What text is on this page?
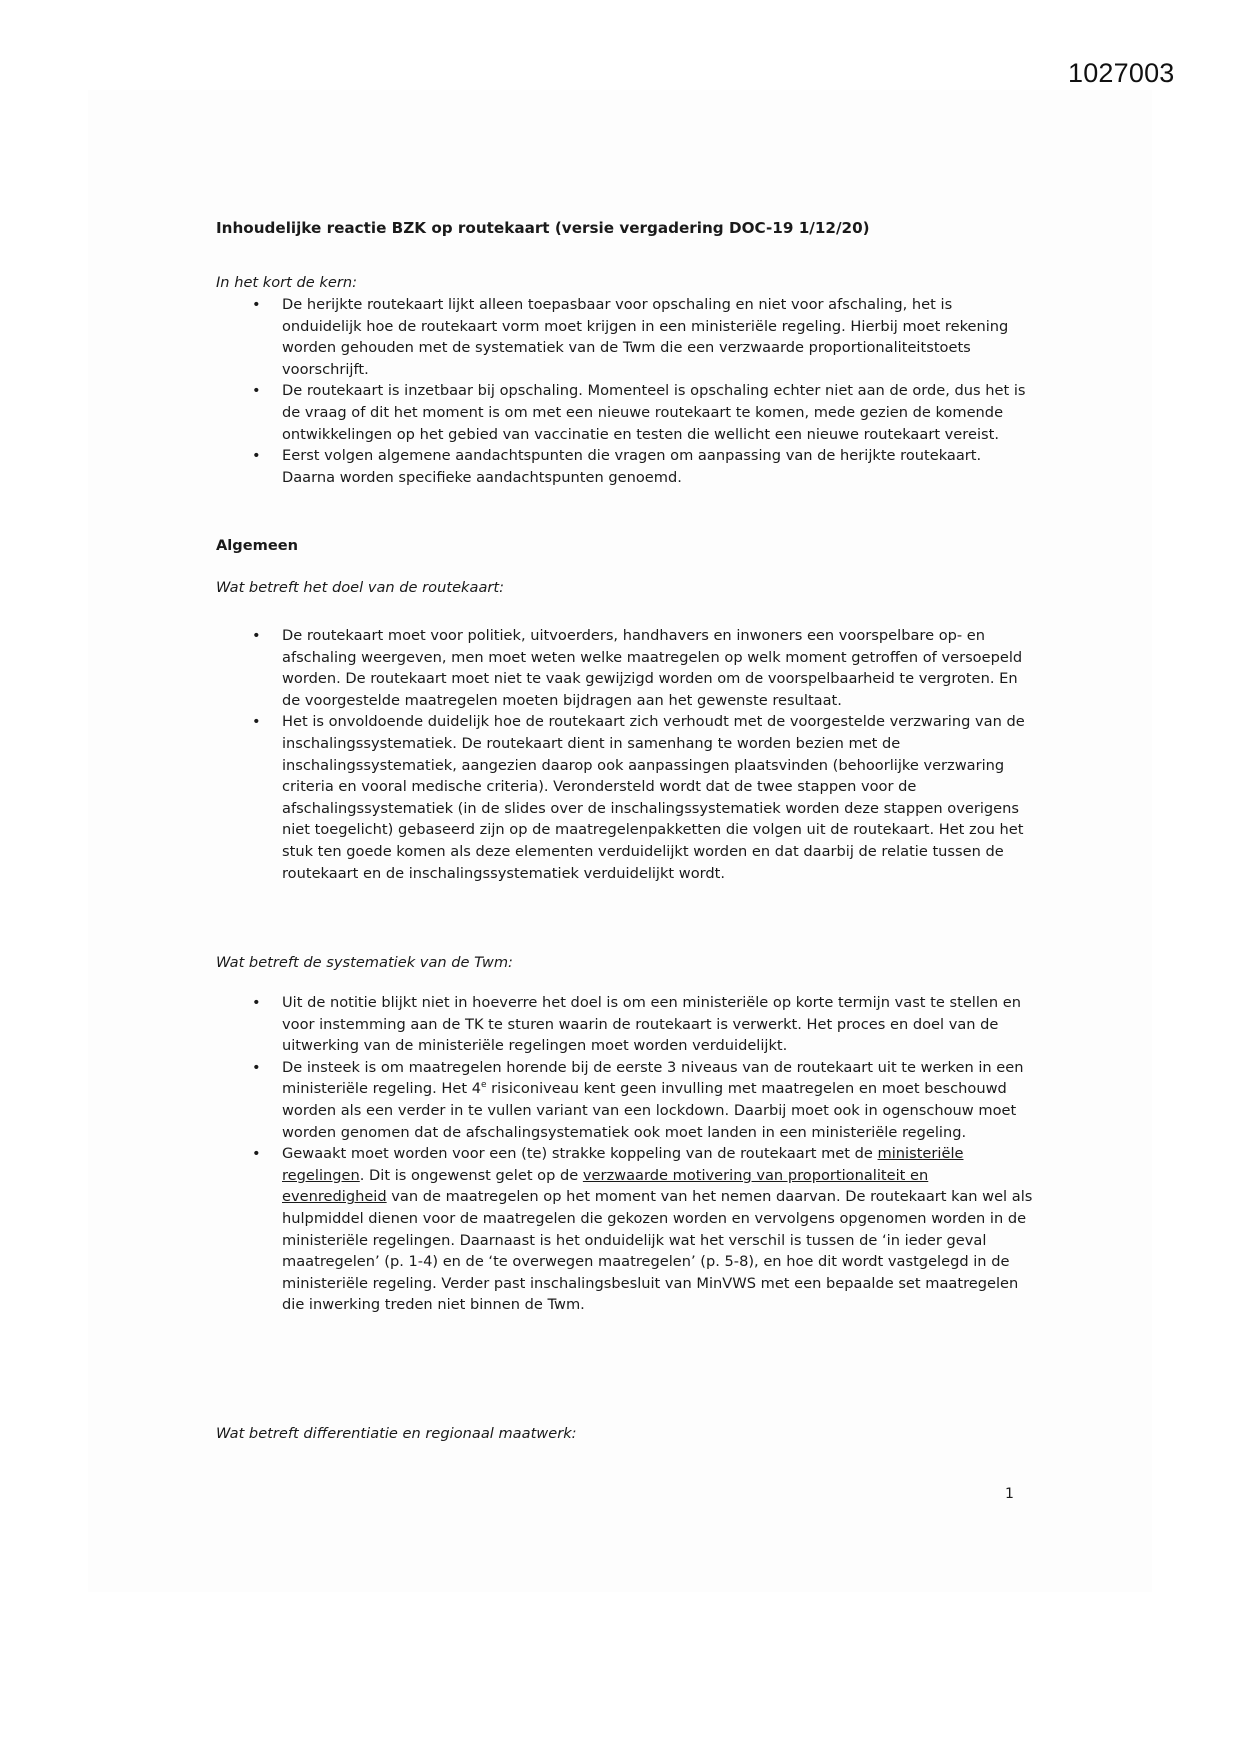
1027003
Inhoudelijke reactie BZK op routekaart (versie vergadering DOC-19 1/12/20)
In het kort de kern:
• De herijkte routekaart lijkt alleen toepasbaar voor opschaling en niet voor afschaling, het is onduidelijk hoe de routekaart vorm moet krijgen in een ministeriële regeling. Hierbij moet rekening worden gehouden met de systematiek van de Twm die een verzwaarde proportionaliteitstoets voorschrijft.
• De routekaart is inzetbaar bij opschaling. Momenteel is opschaling echter niet aan de orde, dus het is de vraag of dit het moment is om met een nieuwe routekaart te komen, mede gezien de komende ontwikkelingen op het gebied van vaccinatie en testen die wellicht een nieuwe routekaart vereist.
• Eerst volgen algemene aandachtspunten die vragen om aanpassing van de herijkte routekaart. Daarna worden specifieke aandachtspunten genoemd.
Algemeen
Wat betreft het doel van de routekaart:
• De routekaart moet voor politiek, uitvoerders, handhavers en inwoners een voorspelbare op- en afschaling weergeven, men moet weten welke maatregelen op welk moment getroffen of versoepeld worden. De routekaart moet niet te vaak gewijzigd worden om de voorspelbaarheid te vergroten. En de voorgestelde maatregelen moeten bijdragen aan het gewenste resultaat.
• Het is onvoldoende duidelijk hoe de routekaart zich verhoudt met de voorgestelde verzwaring van de inschalingssystematiek. De routekaart dient in samenhang te worden bezien met de inschalingssystematiek, aangezien daarop ook aanpassingen plaatsvinden (behoorlijke verzwaring criteria en vooral medische criteria). Verondersteld wordt dat de twee stappen voor de afschalingssystematiek (in de slides over de inschalingssystematiek worden deze stappen overigens niet toegelicht) gebaseerd zijn op de maatregelenpakketten die volgen uit de routekaart. Het zou het stuk ten goede komen als deze elementen verduidelijkt worden en dat daarbij de relatie tussen de routekaart en de inschalingssystematiek verduidelijkt wordt.
Wat betreft de systematiek van de Twm:
• Uit de notitie blijkt niet in hoeverre het doel is om een ministeriële op korte termijn vast te stellen en voor instemming aan de TK te sturen waarin de routekaart is verwerkt. Het proces en doel van de uitwerking van de ministeriële regelingen moet worden verduidelijkt.
• De insteek is om maatregelen horende bij de eerste 3 niveaus van de routekaart uit te werken in een ministeriële regeling. Het 4e risiconiveau kent geen invulling met maatregelen en moet beschouwd worden als een verder in te vullen variant van een lockdown. Daarbij moet ook in ogenschouw moet worden genomen dat de afschalingsystematiek ook moet landen in een ministeriële regeling.
• Gewaakt moet worden voor een (te) strakke koppeling van de routekaart met de ministeriële regelingen. Dit is ongewenst gelet op de verzwaarde motivering van proportionaliteit en evenredigheid van de maatregelen op het moment van het nemen daarvan. De routekaart kan wel als hulpmiddel dienen voor de maatregelen die gekozen worden en vervolgens opgenomen worden in de ministeriële regelingen. Daarnaast is het onduidelijk wat het verschil is tussen de ‘in ieder geval maatregelen’ (p. 1-4) en de ‘te overwegen maatregelen’ (p. 5-8), en hoe dit wordt vastgelegd in de ministeriële regeling. Verder past inschalingsbesluit van MinVWS met een bepaalde set maatregelen die inwerking treden niet binnen de Twm.
Wat betreft differentiatie en regionaal maatwerk:
1
